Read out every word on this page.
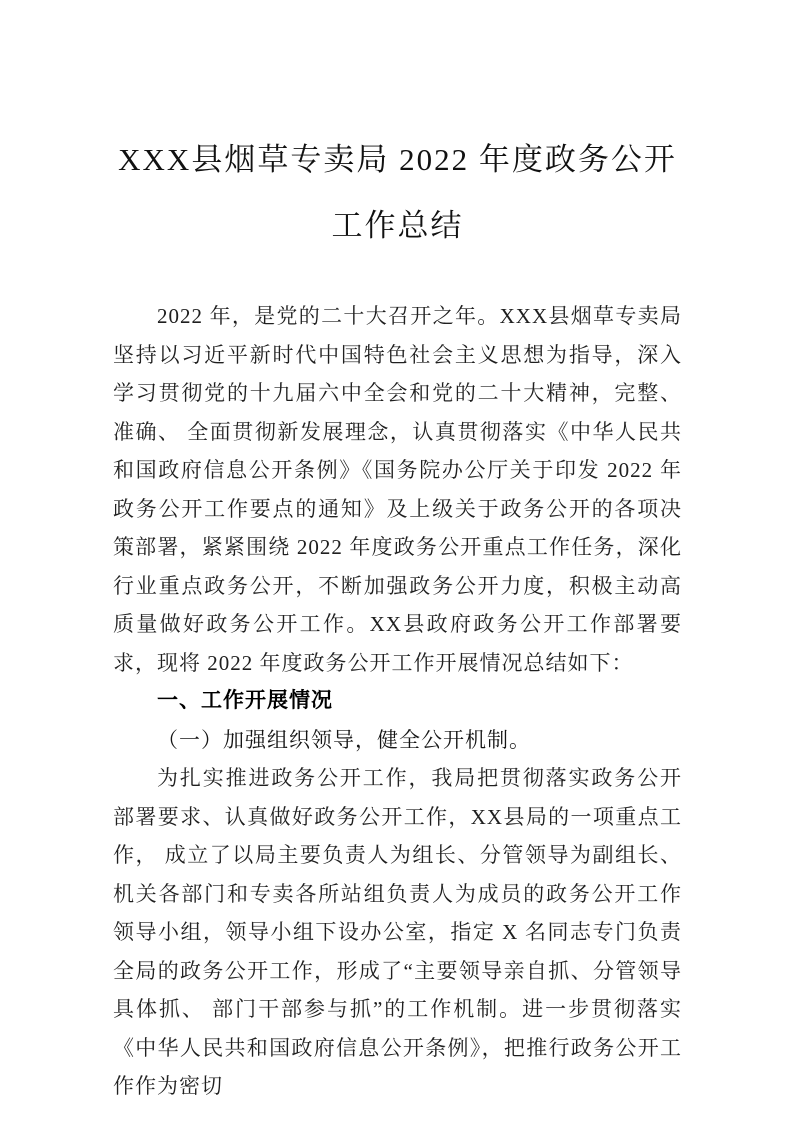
XXX县烟草专卖局 2022 年度政务公开工作总结

2022 年，是党的二十大召开之年。XXX县烟草专卖局坚持以习近平新时代中国特色社会主义思想为指导，深入学习贯彻党的十九届六中全会和党的二十大精神，完整、准确、 全面贯彻新发展理念，认真贯彻落实《中华人民共和国政府信息公开条例》《国务院办公厅关于印发 2022 年政务公开工作要点的通知》及上级关于政务公开的各项决策部署，紧紧围绕 2022 年度政务公开重点工作任务，深化行业重点政务公开，不断加强政务公开力度，积极主动高质量做好政务公开工作。XX县政府政务公开工作部署要求，现将 2022 年度政务公开工作开展情况总结如下：

一、工作开展情况
（一）加强组织领导，健全公开机制。

为扎实推进政务公开工作，我局把贯彻落实政务公开部署要求、认真做好政务公开工作，XX县局的一项重点工作， 成立了以局主要负责人为组长、分管领导为副组长、机关各部门和专卖各所站组负责人为成员的政务公开工作领导小组，领导小组下设办公室，指定 X 名同志专门负责全局的政务公开工作，形成了“主要领导亲自抓、分管领导具体抓、 部门干部参与抓”的工作机制。进一步贯彻落实《中华人民共和国政府信息公开条例》，把推行政务公开工作作为密切
